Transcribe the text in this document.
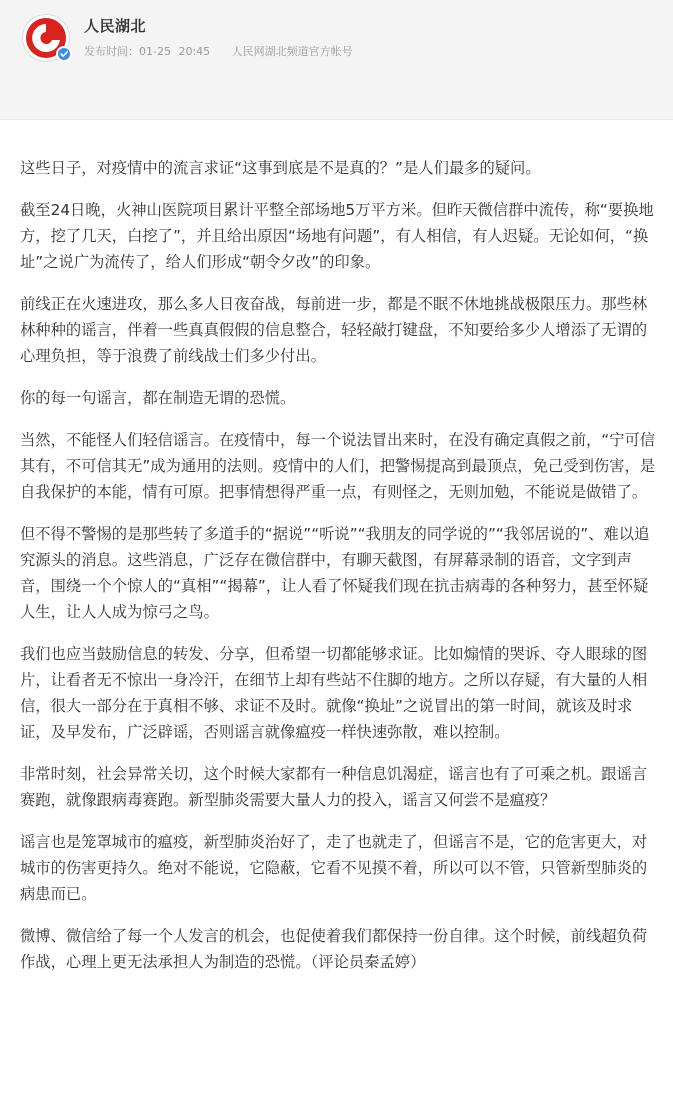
人民湖北
发布时间：01-25 20:45 人民网湖北频道官方帐号

这些日子，对疫情中的流言求证“这事到底是不是真的？”是人们最多的疑问。

截至24日晚，火神山医院项目累计平整全部场地5万平方米。但昨天微信群中流传，称“要换地方，挖了几天，白挖了”，并且给出原因“场地有问题”，有人相信，有人迟疑。无论如何，“换址”之说广为流传了，给人们形成“朝令夕改”的印象。

前线正在火速进攻，那么多人日夜奋战，每前进一步，都是不眠不休地挑战极限压力。那些林林种种的谣言，伴着一些真真假假的信息整合，轻轻敲打键盘，不知要给多少人增添了无谓的心理负担，等于浪费了前线战士们多少付出。

你的每一句谣言，都在制造无谓的恐慌。

当然，不能怪人们轻信谣言。在疫情中，每一个说法冒出来时，在没有确定真假之前，“宁可信其有，不可信其无”成为通用的法则。疫情中的人们，把警惕提高到最顶点，免己受到伤害，是自我保护的本能，情有可原。把事情想得严重一点，有则怪之，无则加勉，不能说是做错了。

但不得不警惕的是那些转了多道手的“据说”“听说”“我朋友的同学说的”“我邻居说的”、难以追究源头的消息。这些消息，广泛存在微信群中，有聊天截图，有屏幕录制的语音，文字到声音，围绕一个个惊人的“真相”“揭幕”，让人看了怀疑我们现在抗击病毒的各种努力，甚至怀疑人生，让人人成为惊弓之鸟。

我们也应当鼓励信息的转发、分享，但希望一切都能够求证。比如煽情的哭诉、夺人眼球的图片，让看者无不惊出一身冷汗，在细节上却有些站不住脚的地方。之所以存疑，有大量的人相信，很大一部分在于真相不够、求证不及时。就像“换址”之说冒出的第一时间，就该及时求证，及早发布，广泛辟谣，否则谣言就像瘟疫一样快速弥散，难以控制。

非常时刻，社会异常关切，这个时候大家都有一种信息饥渴症，谣言也有了可乘之机。跟谣言赛跑，就像跟病毒赛跑。新型肺炎需要大量人力的投入，谣言又何尝不是瘟疫？

谣言也是笼罩城市的瘟疫，新型肺炎治好了，走了也就走了，但谣言不是，它的危害更大，对城市的伤害更持久。绝对不能说，它隐蔽，它看不见摸不着，所以可以不管，只管新型肺炎的病患而已。

微博、微信给了每一个人发言的机会，也促使着我们都保持一份自律。这个时候，前线超负荷作战，心理上更无法承担人为制造的恐慌。（评论员秦孟婷）
